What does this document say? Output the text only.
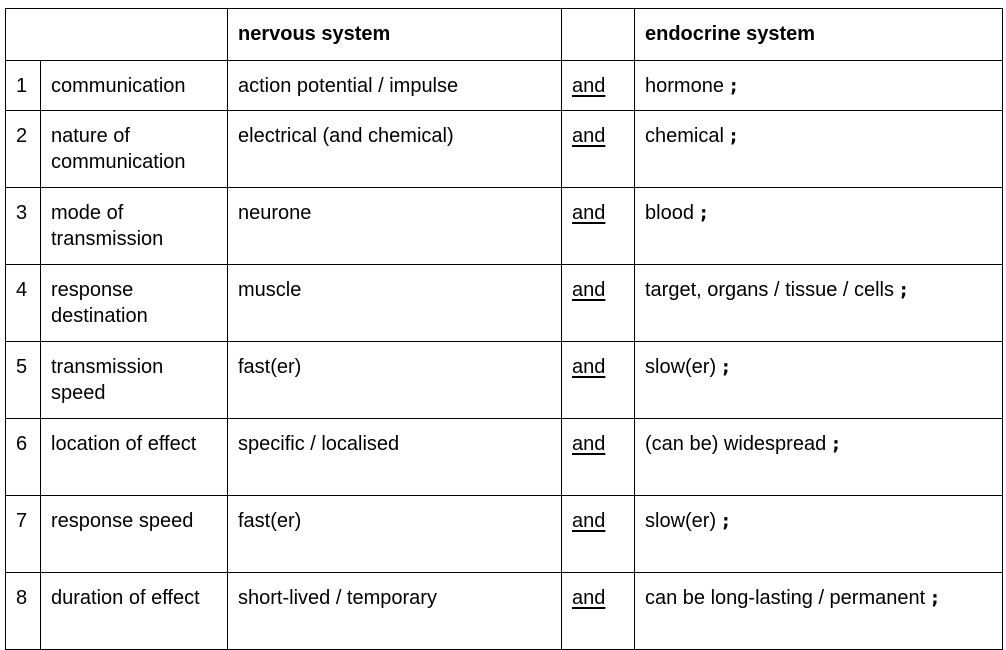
		nervous system		endocrine system
1	communication	action potential / impulse	and	hormone ;
2	nature of communication	electrical (and chemical)	and	chemical ;
3	mode of transmission	neurone	and	blood ;
4	response destination	muscle	and	target, organs / tissue / cells ;
5	transmission speed	fast(er)	and	slow(er) ;
6	location of effect	specific / localised	and	(can be) widespread ;
7	response speed	fast(er)	and	slow(er) ;
8	duration of effect	short-lived / temporary	and	can be long-lasting / permanent ;
